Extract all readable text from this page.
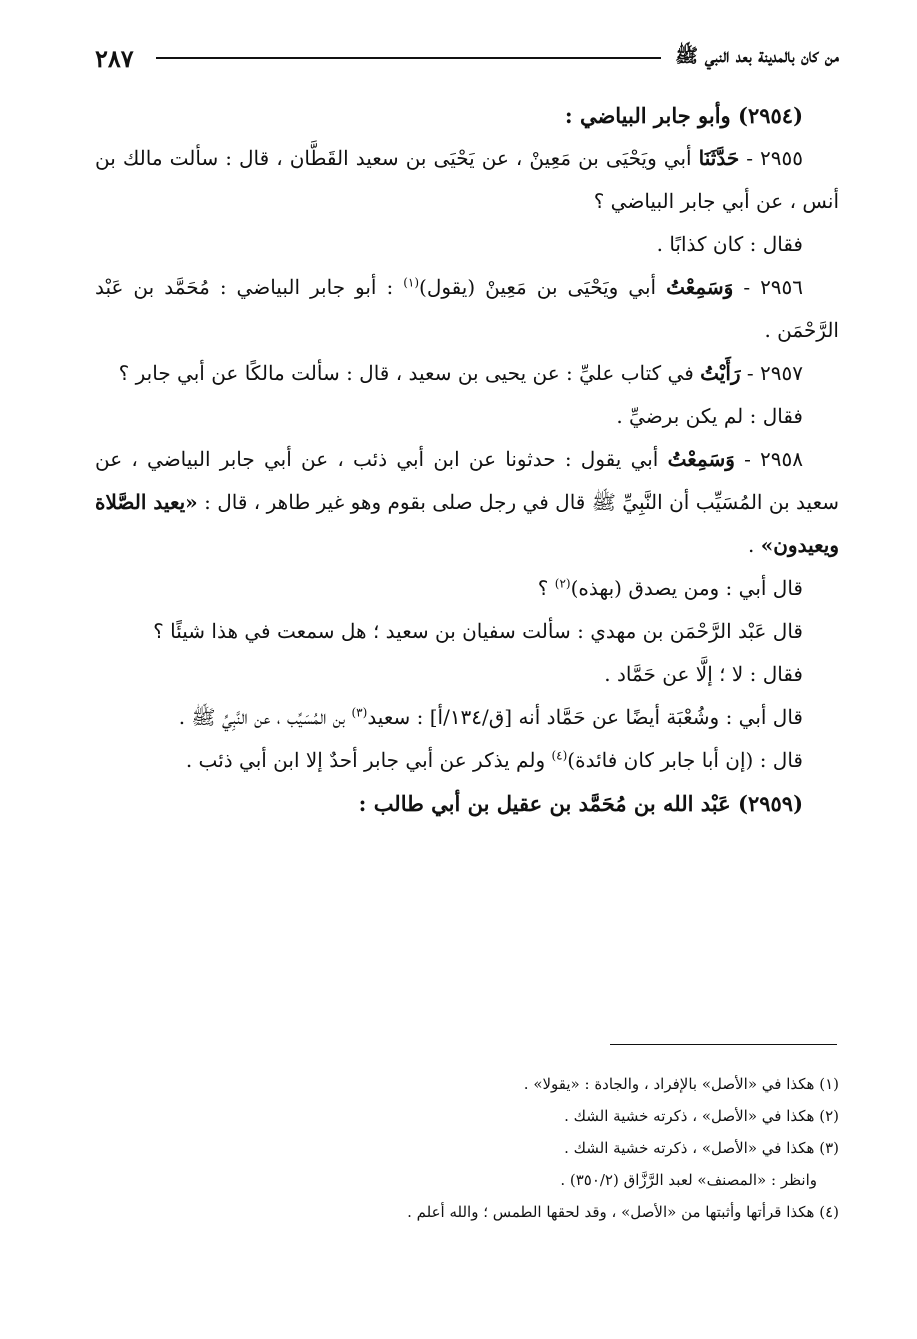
من كان بالمدينة بعد النبي ﷺ
٢٨٧

(٢٩٥٤) وأبو جابر البياضي :

٢٩٥٥ - حَدَّثَنَا أبي ويَحْيَى بن مَعِينْ ، عن يَحْيَى بن سعيد القَطَّان ، قال : سألت مالك بن أنس ، عن أبي جابر البياضي ؟

فقال : كان كذابًا .

٢٩٥٦ - وَسَمِعْتُ أبي ويَحْيَى بن مَعِينْ (يقول)$^{(١)}$ : أبو جابر البياضي : مُحَمَّد بن عَبْد الرَّحْمَن .

٢٩٥٧ - رَأَيْتُ في كتاب عليِّ : عن يحيى بن سعيد ، قال : سألت مالكًا عن أبي جابر ؟

فقال : لم يكن برضيِّ .

٢٩٥٨ - وَسَمِعْتُ أبي يقول : حدثونا عن ابن أبي ذئب ، عن أبي جابر البياضي ، عن سعيد بن المُسَيِّب أن النَّبِيِّ ﷺ قال في رجل صلى بقوم وهو غير طاهر ، قال : «يعيد الصَّلاة ويعيدون» .

قال أبي : ومن يصدق (بهذه)$^{(٢)}$ ؟

قال عَبْد الرَّحْمَن بن مهدي : سألت سفيان بن سعيد ؛ هل سمعت في هذا شيئًا ؟

فقال : لا ؛ إلَّا عن حَمَّاد .

قال أبي : وشُعْبَة أيضًا عن حَمَّاد أنه [ق/١٣٤/أ] : سعيد$^{(٣)}$ بن المُسَيِّب ، عن النَّبِيِّ ﷺ .

قال : (إن أبا جابر كان فائدة)$^{(٤)}$ ولم يذكر عن أبي جابر أحدٌ إلا ابن أبي ذئب .

(٢٩٥٩) عَبْد الله بن مُحَمَّد بن عقيل بن أبي طالب :

(١) هكذا في «الأصل» بالإفراد ، والجادة : «يقولا» .

(٢) هكذا في «الأصل» ، ذكرته خشية الشك .

(٣) هكذا في «الأصل» ، ذكرته خشية الشك .

وانظر : «المصنف» لعبد الرَّزَّاق (٣٥٠/٢) .

(٤) هكذا قرأتها وأثبتها من «الأصل» ، وقد لحقها الطمس ؛ والله أعلم .
